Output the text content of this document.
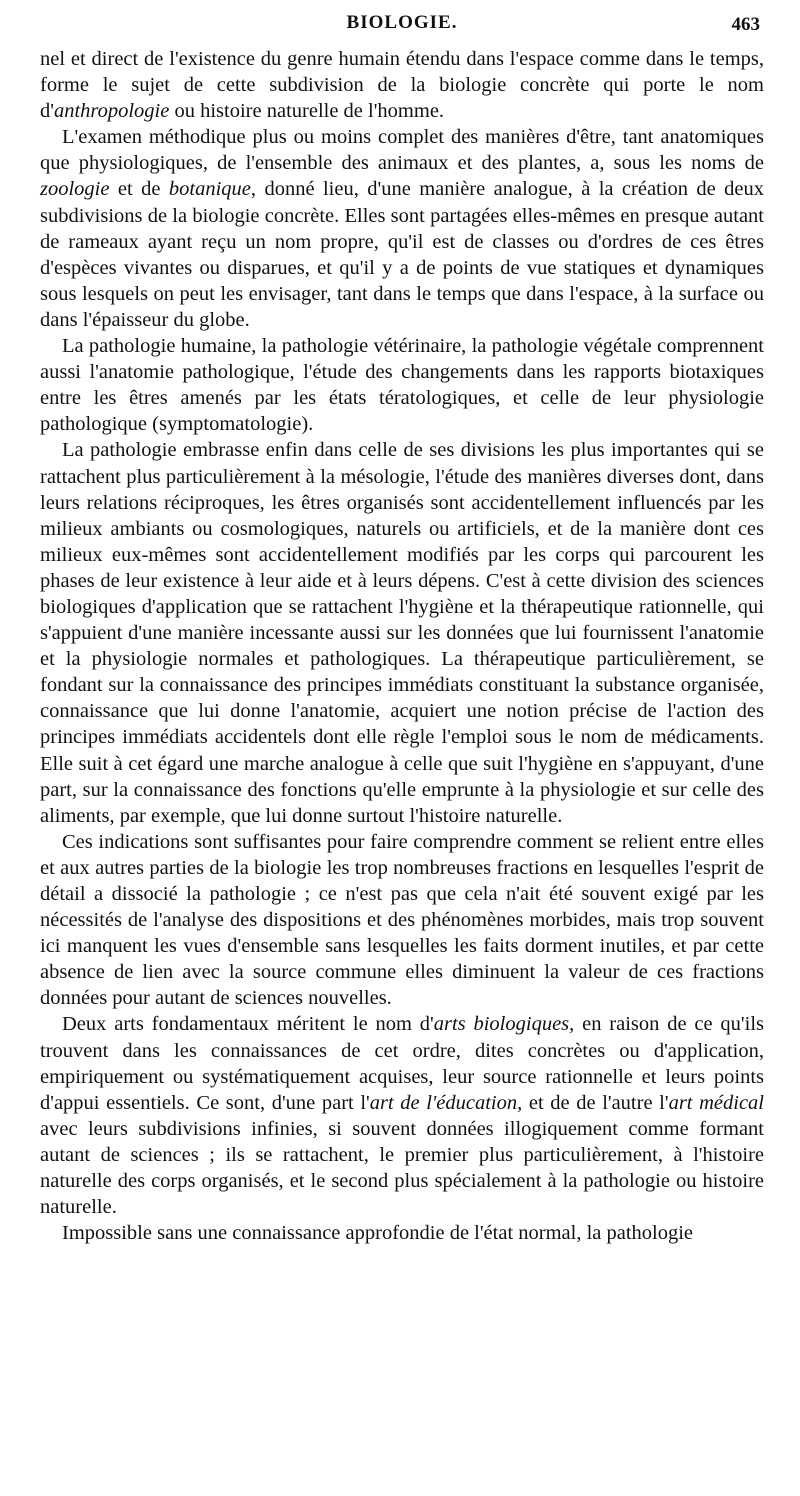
BIOLOGIE.	463

nel et direct de l'existence du genre humain étendu dans l'espace comme dans le temps, forme le sujet de cette subdivision de la biologie concrète qui porte le nom d'anthropologie ou histoire naturelle de l'homme.

L'examen méthodique plus ou moins complet des manières d'être, tant anatomiques que physiologiques, de l'ensemble des animaux et des plantes, a, sous les noms de zoologie et de botanique, donné lieu, d'une manière analogue, à la création de deux subdivisions de la biologie concrète. Elles sont partagées elles-mêmes en presque autant de rameaux ayant reçu un nom propre, qu'il est de classes ou d'ordres de ces êtres d'espèces vivantes ou disparues, et qu'il y a de points de vue statiques et dynamiques sous lesquels on peut les envisager, tant dans le temps que dans l'espace, à la surface ou dans l'épaisseur du globe.

La pathologie humaine, la pathologie vétérinaire, la pathologie végétale comprennent aussi l'anatomie pathologique, l'étude des changements dans les rapports biotaxiques entre les êtres amenés par les états tératologiques, et celle de leur physiologie pathologique (symptomatologie).

La pathologie embrasse enfin dans celle de ses divisions les plus importantes qui se rattachent plus particulièrement à la mésologie, l'étude des manières diverses dont, dans leurs relations réciproques, les êtres organisés sont accidentellement influencés par les milieux ambiants ou cosmologiques, naturels ou artificiels, et de la manière dont ces milieux eux-mêmes sont accidentellement modifiés par les corps qui parcourent les phases de leur existence à leur aide et à leurs dépens. C'est à cette division des sciences biologiques d'application que se rattachent l'hygiène et la thérapeutique rationnelle, qui s'appuient d'une manière incessante aussi sur les données que lui fournissent l'anatomie et la physiologie normales et pathologiques. La thérapeutique particulièrement, se fondant sur la connaissance des principes immédiats constituant la substance organisée, connaissance que lui donne l'anatomie, acquiert une notion précise de l'action des principes immédiats accidentels dont elle règle l'emploi sous le nom de médicaments. Elle suit à cet égard une marche analogue à celle que suit l'hygiène en s'appuyant, d'une part, sur la connaissance des fonctions qu'elle emprunte à la physiologie et sur celle des aliments, par exemple, que lui donne surtout l'histoire naturelle.

Ces indications sont suffisantes pour faire comprendre comment se relient entre elles et aux autres parties de la biologie les trop nombreuses fractions en lesquelles l'esprit de détail a dissocié la pathologie ; ce n'est pas que cela n'ait été souvent exigé par les nécessités de l'analyse des dispositions et des phénomènes morbides, mais trop souvent ici manquent les vues d'ensemble sans lesquelles les faits dorment inutiles, et par cette absence de lien avec la source commune elles diminuent la valeur de ces fractions données pour autant de sciences nouvelles.

Deux arts fondamentaux méritent le nom d'arts biologiques, en raison de ce qu'ils trouvent dans les connaissances de cet ordre, dites concrètes ou d'application, empiriquement ou systématiquement acquises, leur source rationnelle et leurs points d'appui essentiels. Ce sont, d'une part l'art de l'éducation, et de de l'autre l'art médical avec leurs subdivisions infinies, si souvent données illogiquement comme formant autant de sciences ; ils se rattachent, le premier plus particulièrement, à l'histoire naturelle des corps organisés, et le second plus spécialement à la pathologie ou histoire naturelle.

Impossible sans une connaissance approfondie de l'état normal, la pathologie
